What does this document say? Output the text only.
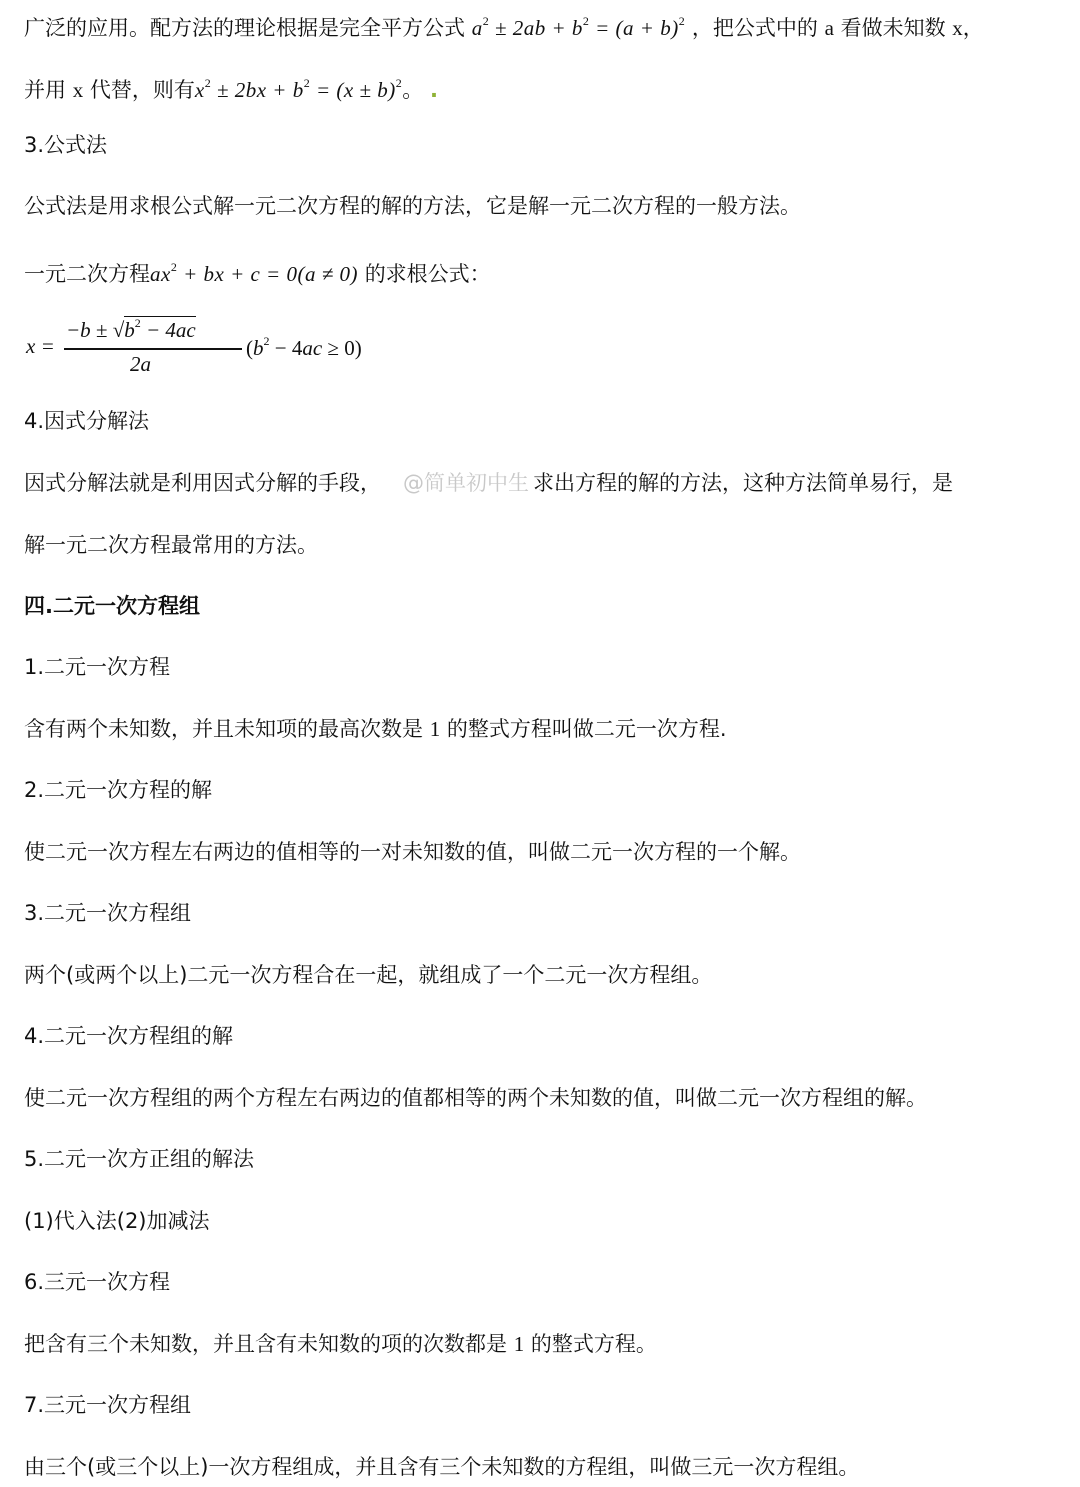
广泛的应用。配方法的理论根据是完全平方公式 $a^2 \pm 2ab + b^2 = (a + b)^2$ ，把公式中的 a 看做未知数 x，
并用 x 代替，则有$x^2 \pm 2bx + b^2 = (x \pm b)^2$。 .
3.公式法
公式法是用求根公式解一元二次方程的解的方法，它是解一元二次方程的一般方法。
一元二次方程$ax^2$ + bx + c = 0(a ≠ 0) 的求根公式：
x =
$-b \pm √b^2 - 4ac$
2a
$(b^2 - 4ac \ge 0)$
4.因式分解法
因式分解法就是利用因式分解的手段， @简单初中生 求出方程的解的方法，这种方法简单易行，是
解一元二次方程最常用的方法。
四.二元一次方程组
1.二元一次方程
含有两个未知数，并且未知项的最高次数是 1 的整式方程叫做二元一次方程.
2.二元一次方程的解
使二元一次方程左右两边的值相等的一对未知数的值，叫做二元一次方程的一个解。
3.二元一次方程组
两个(或两个以上)二元一次方程合在一起，就组成了一个二元一次方程组。
4.二元一次方程组的解
使二元一次方程组的两个方程左右两边的值都相等的两个未知数的值，叫做二元一次方程组的解。
5.二元一次方正组的解法
(1)代入法(2)加减法
6.三元一次方程
把含有三个未知数，并且含有未知数的项的次数都是 1 的整式方程。
7.三元一次方程组
由三个(或三个以上)一次方程组成，并且含有三个未知数的方程组，叫做三元一次方程组。
